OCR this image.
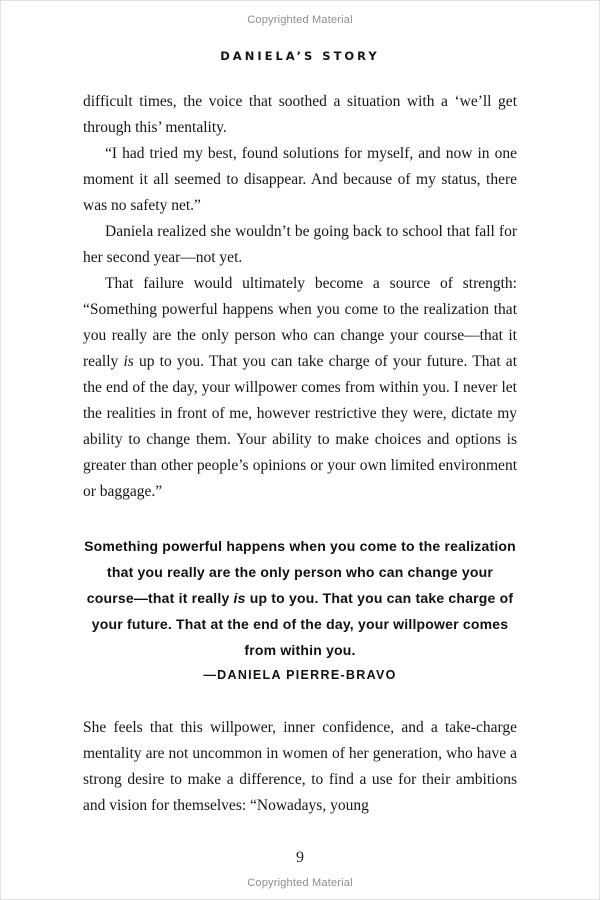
Copyrighted Material
DANIELA’S STORY

difficult times, the voice that soothed a situation with a ‘we’ll get through this’ mentality.

“I had tried my best, found solutions for myself, and now in one moment it all seemed to disappear. And because of my status, there was no safety net.”

Daniela realized she wouldn’t be going back to school that fall for her second year—not yet.

That failure would ultimately become a source of strength: “Something powerful happens when you come to the realization that you really are the only person who can change your course—that it really is up to you. That you can take charge of your future. That at the end of the day, your willpower comes from within you. I never let the realities in front of me, however restrictive they were, dictate my ability to change them. Your ability to make choices and options is greater than other people’s opinions or your own limited environment or baggage.”

Something powerful happens when you come to the realization that you really are the only person who can change your course—that it really is up to you. That you can take charge of your future. That at the end of the day, your willpower comes from within you.

—DANIELA PIERRE-BRAVO

She feels that this willpower, inner confidence, and a take-charge mentality are not uncommon in women of her generation, who have a strong desire to make a difference, to find a use for their ambitions and vision for themselves: “Nowadays, young

9
Copyrighted Material
